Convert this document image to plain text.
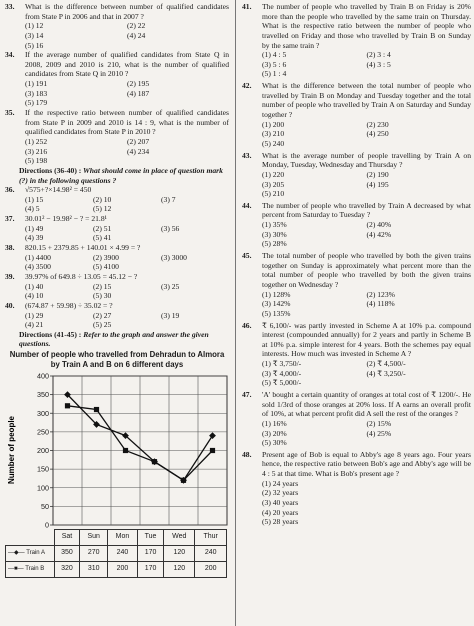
33.	What is the difference between number of qualified candidates from State P in 2006 and that in 2007 ?
(1) 12	(2) 22
(3) 14	(4) 24
(5) 16
34.	If the average number of qualified candidates from State Q in 2008, 2009 and 2010 is 210, what is the number of qualified candidates from State Q in 2010 ?
(1) 191	(2) 195
(3) 183	(4) 187
(5) 179
35.	If the respective ratio between number of qualified candidates from State P in 2009 and 2010 is 14 : 9, what is the number of qualified candidates from State P in 2010 ?
(1) 252	(2) 207
(3) 216	(4) 234
(5) 198
Directions (36-40) : What should come in place of question mark (?) in the following questions ?
36.	√575+?×14.98² = 450
(1) 15	(2) 10	(3) 7
(4) 5	(5) 12
37.	30.01² − 19.98² − ? = 21.8¹
(1) 49	(2) 51	(3) 56
(4) 39	(5) 41
38.	820.15 + 2379.85 + 140.01 × 4.99 = ?
(1) 4400	(2) 3900	(3) 3000
(4) 3500	(5) 4100
39.	39.97% of 649.8 ÷ 13.05 = 45.12 − ?
(1) 40	(2) 15	(3) 25
(4) 10	(5) 30
40.	(674.87 + 59.98) ÷ 35.02 = ?
(1) 29	(2) 27	(3) 19
(4) 21	(5) 25
Directions (41-45) : Refer to the graph and answer the given questions.
Number of people who travelled from Dehradun to Almora by Train A and B on 6 different days
0
50
100
150
200
250
300
350
400
Number of people
	Sat	Sun	Mon	Tue	Wed	Thur
—◆— Train A	350	270	240	170	120	240
—■— Train B	320	310	200	170	120	200
41.	The number of people who travelled by Train B on Friday is 20% more than the people who travelled by the same train on Thursday. What is the respective ratio between the number of people who travelled on Friday and those who travelled by Train B on Sunday by the same train ?
(1) 4 : 5	(2) 3 : 4
(3) 5 : 6	(4) 3 : 5
(5) 1 : 4
42.	What is the difference between the total number of people who travelled by Train B on Monday and Tuesday together and the total number of people who travelled by Train A on Saturday and Sunday together ?
(1) 200	(2) 230
(3) 210	(4) 250
(5) 240
43.	What is the average number of people travelling by Train A on Monday, Tuesday, Wednesday and Thursday ?
(1) 220	(2) 190
(3) 205	(4) 195
(5) 210
44.	The number of people who travelled by Train A decreased by what percent from Saturday to Tuesday ?
(1) 35%	(2) 40%
(3) 30%	(4) 42%
(5) 28%
45.	The total number of people who travelled by both the given trains together on Sunday is approximately what percent more than the total number of people who travelled by both the given trains together on Wednesday ?
(1) 128%	(2) 123%
(3) 142%	(4) 118%
(5) 135%
46.	₹ 6,100/- was partly invested in Scheme A at 10% p.a. compound interest (compounded annually) for 2 years and partly in Scheme B at 10% p.a. simple interest for 4 years. Both the schemes pay equal interests. How much was invested in Scheme A ?
(1) ₹ 3,750/-	(2) ₹ 4,500/-
(3) ₹ 4,000/-	(4) ₹ 3,250/-
(5) ₹ 5,000/-
47.	'A' bought a certain quantity of oranges at total cost of ₹ 1200/-. He sold 1/3rd of those oranges at 20% loss. If A earns an overall profit of 10%, at what percent profit did A sell the rest of the oranges ?
(1) 16%	(2) 15%
(3) 20%	(4) 25%
(5) 30%
48.	Present age of Bob is equal to Abby's age 8 years ago. Four years hence, the respective ratio between Bob's age and Abby's age will be 4 : 5 at that time. What is Bob's present age ?
(1) 24 years
(2) 32 years
(3) 40 years
(4) 20 years
(5) 28 years
